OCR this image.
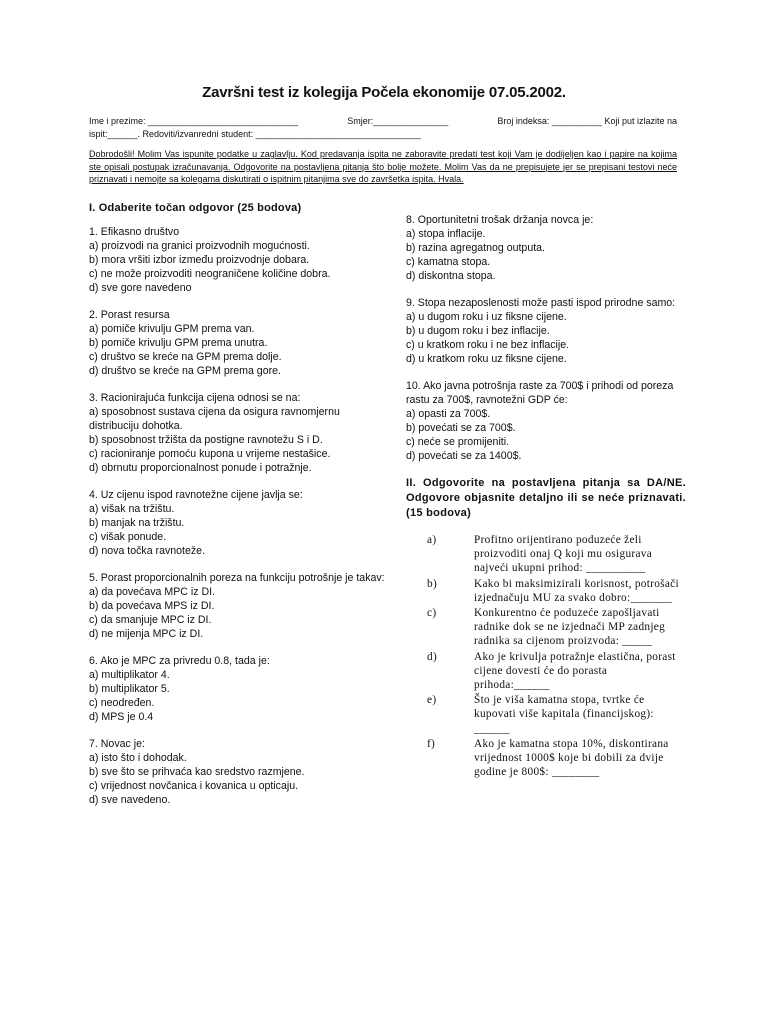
Završni test iz kolegija Počela ekonomije 07.05.2002.
Ime i prezime: ______________________________	Smjer:_______________	Broj indeksa: __________ Koji put izlazite na
ispit:______. Redoviti/izvanredni student: _________________________________
Dobrodošli! Molim Vas ispunite podatke u zaglavlju. Kod predavanja ispita ne zaboravite predati test koji Vam je dodijeljen kao i papire na kojima ste opisali postupak izračunavanja. Odgovorite na postavljena pitanja što bolje možete. Molim Vas da ne prepisujete jer se prepisani testovi neće priznavati i nemojte sa kolegama diskutirati o ispitnim pitanjima sve do završetka ispita. Hvala.
I. Odaberite točan odgovor (25 bodova)
1. Efikasno društvo
a) proizvodi na granici proizvodnih mogućnosti.
b) mora vršiti izbor između proizvodnje dobara.
c) ne može proizvoditi neograničene količine dobra.
d) sve gore navedeno
2. Porast resursa
a) pomiče krivulju GPM prema van.
b) pomiče krivulju GPM prema unutra.
c) društvo se kreće na GPM prema dolje.
d) društvo se kreće na GPM prema gore.
3. Racionirajuća funkcija cijena odnosi se na:
a) sposobnost sustava cijena da osigura ravnomjernu distribuciju dohotka.
b) sposobnost tržišta da postigne ravnotežu S i D.
c) racioniranje pomoću kupona u vrijeme nestašice.
d) obrnutu proporcionalnost ponude i potražnje.
4. Uz cijenu ispod ravnotežne cijene javlja se:
a) višak na tržištu.
b) manjak na tržištu.
c) višak ponude.
d) nova točka ravnoteže.
5. Porast proporcionalnih poreza na funkciju potrošnje je takav:
a) da povećava MPC iz DI.
b) da povećava MPS iz DI.
c) da smanjuje MPC iz DI.
d) ne mijenja MPC iz DI.
6. Ako je MPC za privredu 0.8, tada je:
a) multiplikator 4.
b) multiplikator 5.
c) neodređen.
d) MPS je 0.4
7. Novac je:
a) isto što i dohodak.
b) sve što se prihvaća kao sredstvo razmjene.
c) vrijednost novčanica i kovanica u opticaju.
d) sve navedeno.
8. Oportunitetni trošak držanja novca je:
a) stopa inflacije.
b) razina agregatnog outputa.
c) kamatna stopa.
d) diskontna stopa.
9. Stopa nezaposlenosti može pasti ispod prirodne samo:
a) u dugom roku i uz fiksne cijene.
b) u dugom roku i bez inflacije.
c) u kratkom roku i ne bez inflacije.
d) u kratkom roku uz fiksne cijene.
10. Ako javna potrošnja raste za 700$ i prihodi od poreza rastu za 700$, ravnotežni GDP će:
a) opasti za 700$.
b) povećati se za 700$.
c) neće se promijeniti.
d) povećati se za 1400$.
II. Odgovorite na postavljena pitanja sa DA/NE. Odgovore objasnite detaljno ili se neće priznavati. (15 bodova)
a)	Profitno orijentirano poduzeće želi proizvoditi onaj Q koji mu osigurava najveći ukupni prihod: __________
b)	Kako bi maksimizirali korisnost, potrošači izjednačuju MU za svako dobro:_______
c)	Konkurentno će poduzeće zapošljavati radnike dok se ne izjednači MP zadnjeg radnika sa cijenom proizvoda: _____
d)	Ako je krivulja potražnje elastična, porast cijene dovesti će do porasta prihoda:______
e)	Što je viša kamatna stopa, tvrtke će kupovati više kapitala (financijskog): ______
f)	Ako je kamatna stopa 10%, diskontirana vrijednost 1000$ koje bi dobili za dvije godine je 800$: ________
